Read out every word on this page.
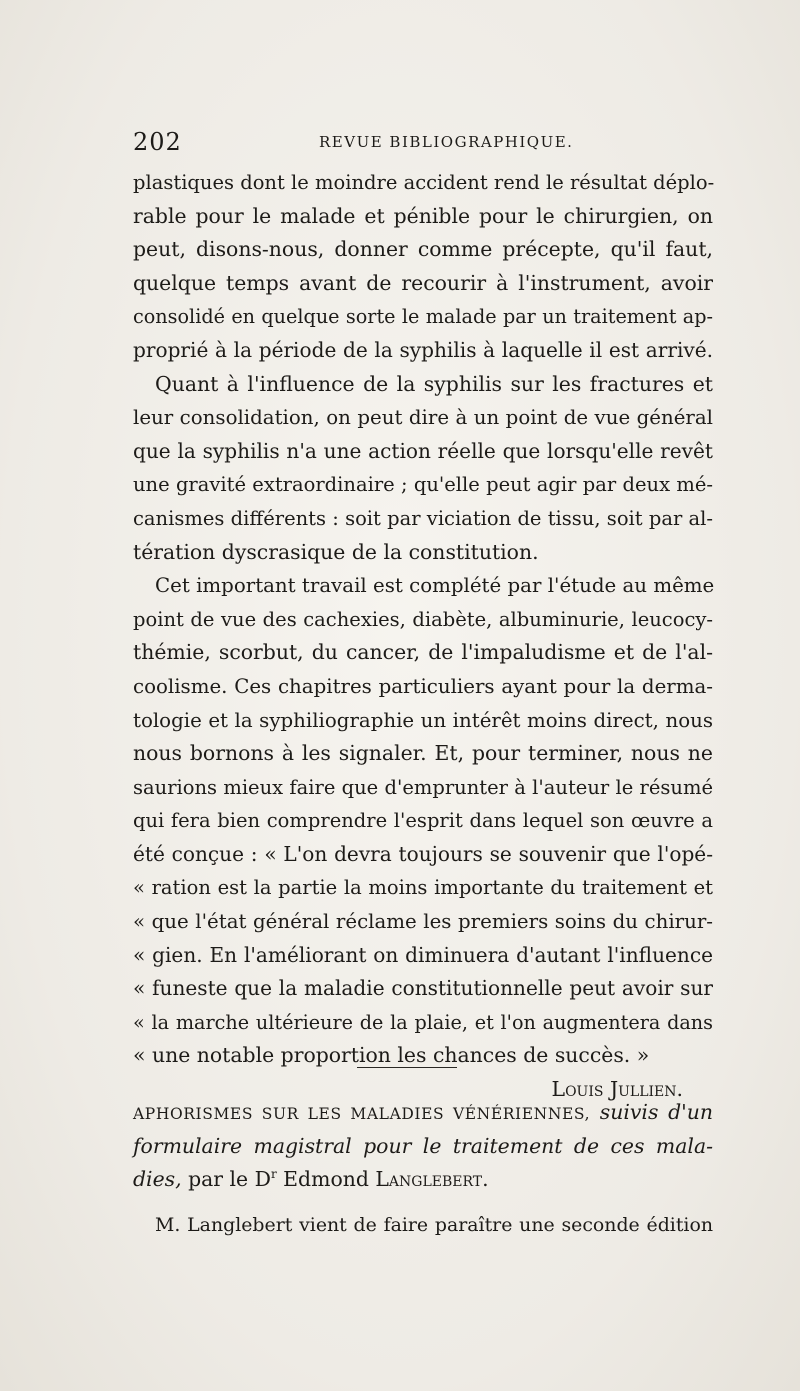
202	REVUE BIBLIOGRAPHIQUE.
plastiques dont le moindre accident rend le résultat déplo-
rable pour le malade et pénible pour le chirurgien, on
peut, disons-nous, donner comme précepte, qu'il faut,
quelque temps avant de recourir à l'instrument, avoir
consolidé en quelque sorte le malade par un traitement ap-
proprié à la période de la syphilis à laquelle il est arrivé.
Quant à l'influence de la syphilis sur les fractures et
leur consolidation, on peut dire à un point de vue général
que la syphilis n'a une action réelle que lorsqu'elle revêt
une gravité extraordinaire ; qu'elle peut agir par deux mé-
canismes différents : soit par viciation de tissu, soit par al-
tération dyscrasique de la constitution.
Cet important travail est complété par l'étude au même
point de vue des cachexies, diabète, albuminurie, leucocy-
thémie, scorbut, du cancer, de l'impaludisme et de l'al-
coolisme. Ces chapitres particuliers ayant pour la derma-
tologie et la syphiliographie un intérêt moins direct, nous
nous bornons à les signaler. Et, pour terminer, nous ne
saurions mieux faire que d'emprunter à l'auteur le résumé
qui fera bien comprendre l'esprit dans lequel son œuvre a
été conçue : « L'on devra toujours se souvenir que l'opé-
« ration est la partie la moins importante du traitement et
« que l'état général réclame les premiers soins du chirur-
« gien. En l'améliorant on diminuera d'autant l'influence
« funeste que la maladie constitutionnelle peut avoir sur
« la marche ultérieure de la plaie, et l'on augmentera dans
« une notable proportion les chances de succès. »
Louis Jullien.
APHORISMES SUR LES MALADIES VÉNÉRIENNES, suivis d'un
formulaire magistral pour le traitement de ces mala-
dies, par le $D^r$ Edmond Langlebert.
M. Langlebert vient de faire paraître une seconde édition
